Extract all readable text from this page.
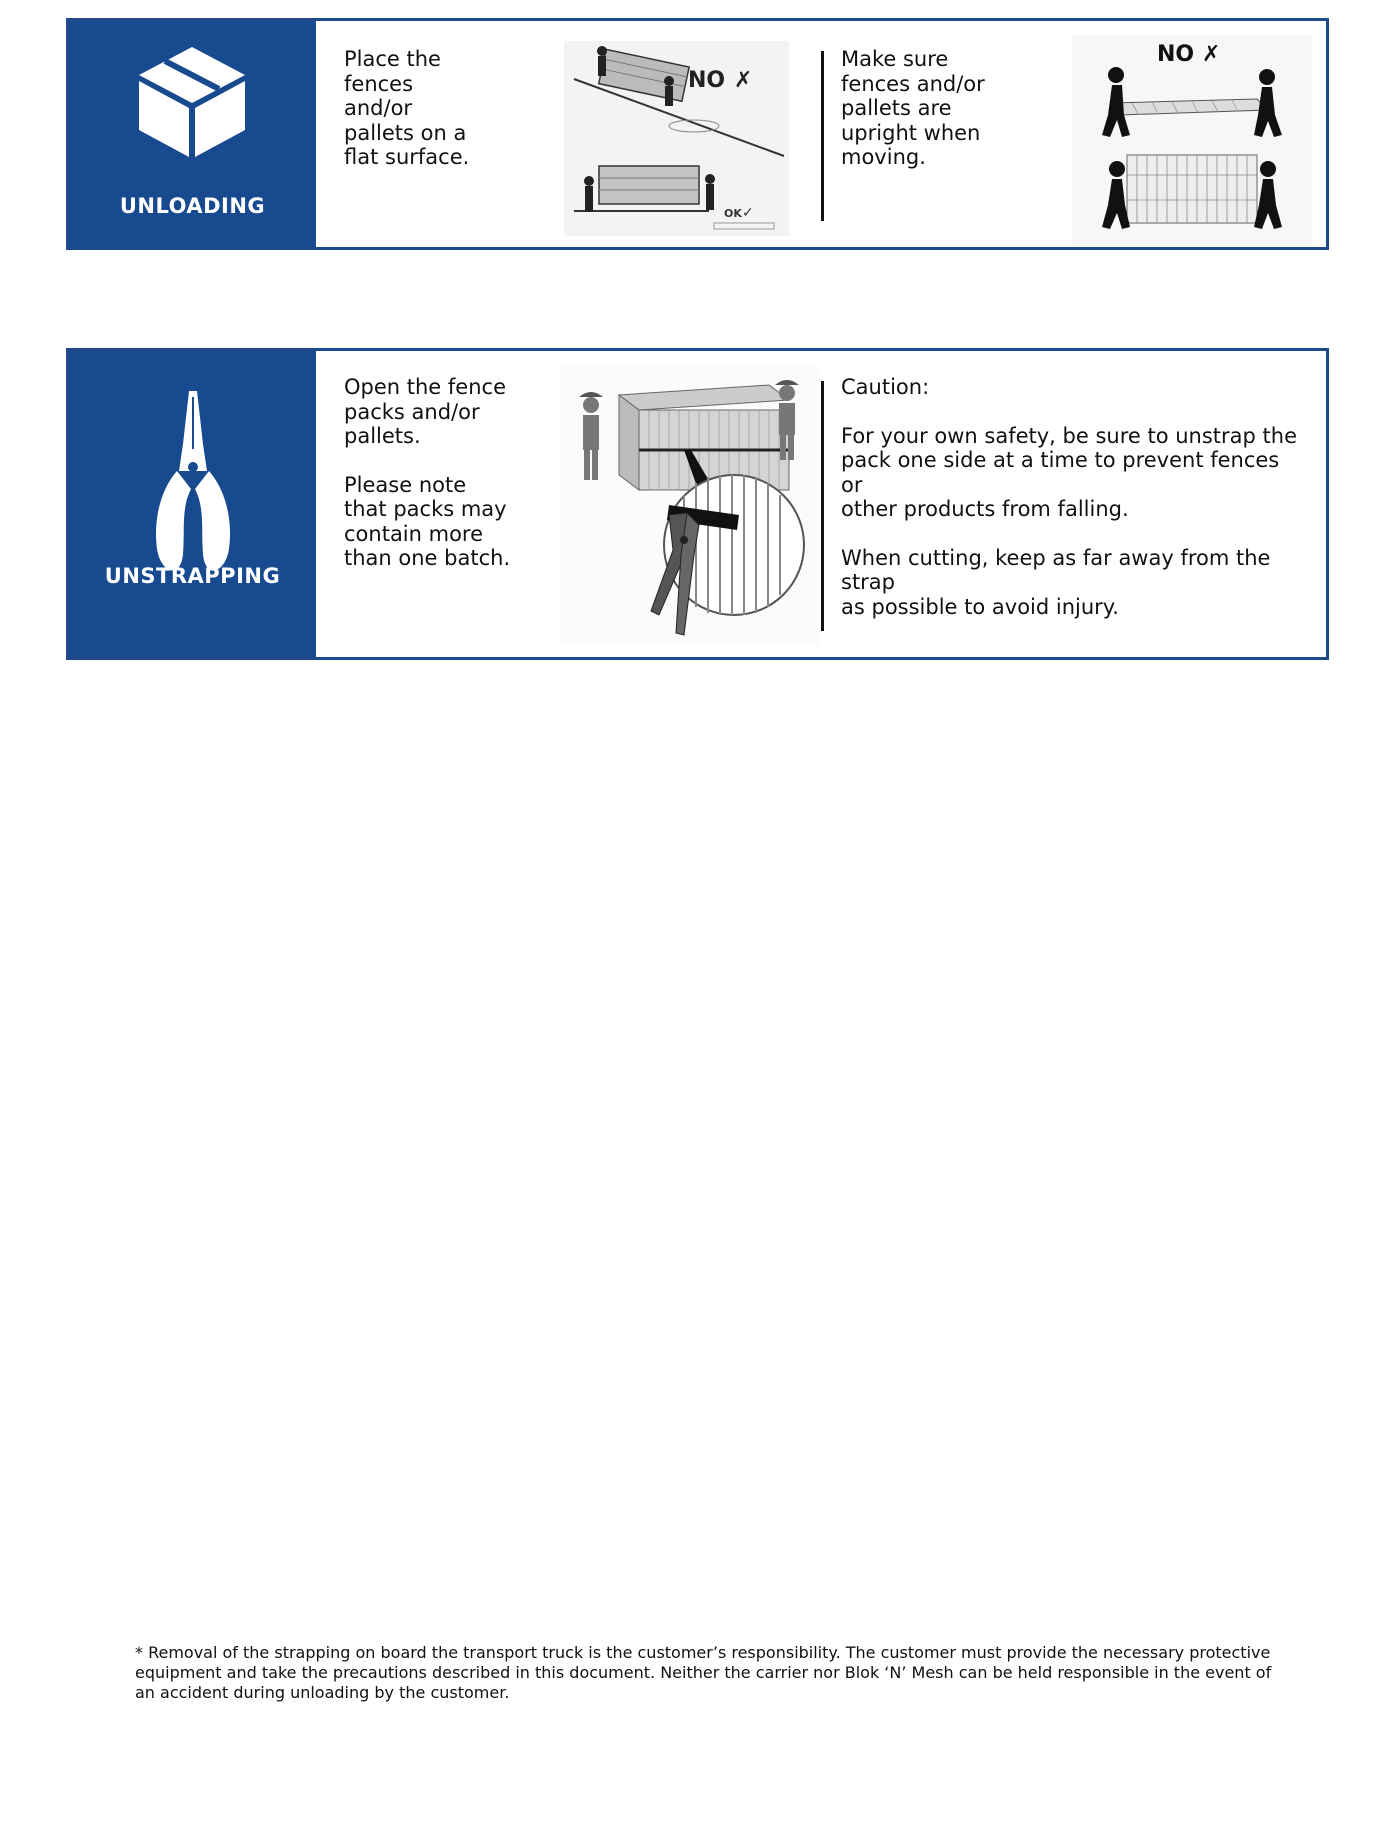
UNLOADING

Place the
fences
and/or
pallets on a
flat surface.

NO ✗
OK ✓

Make sure
fences and/or
pallets are
upright when
moving.

NO ✗
UNSTRAPPING

Open the fence
packs and/or
pallets.

Please note
that packs may
contain more
than one batch.

Caution:

For your own safety, be sure to unstrap the
pack one side at a time to prevent fences or
other products from falling.

When cutting, keep as far away from the strap
as possible to avoid injury.

* Removal of the strapping on board the transport truck is the customer’s responsibility. The customer must provide the necessary protective equipment and take the precautions described in this document. Neither the carrier nor Blok ‘N’ Mesh can be held responsible in the event of an accident during unloading by the customer.
